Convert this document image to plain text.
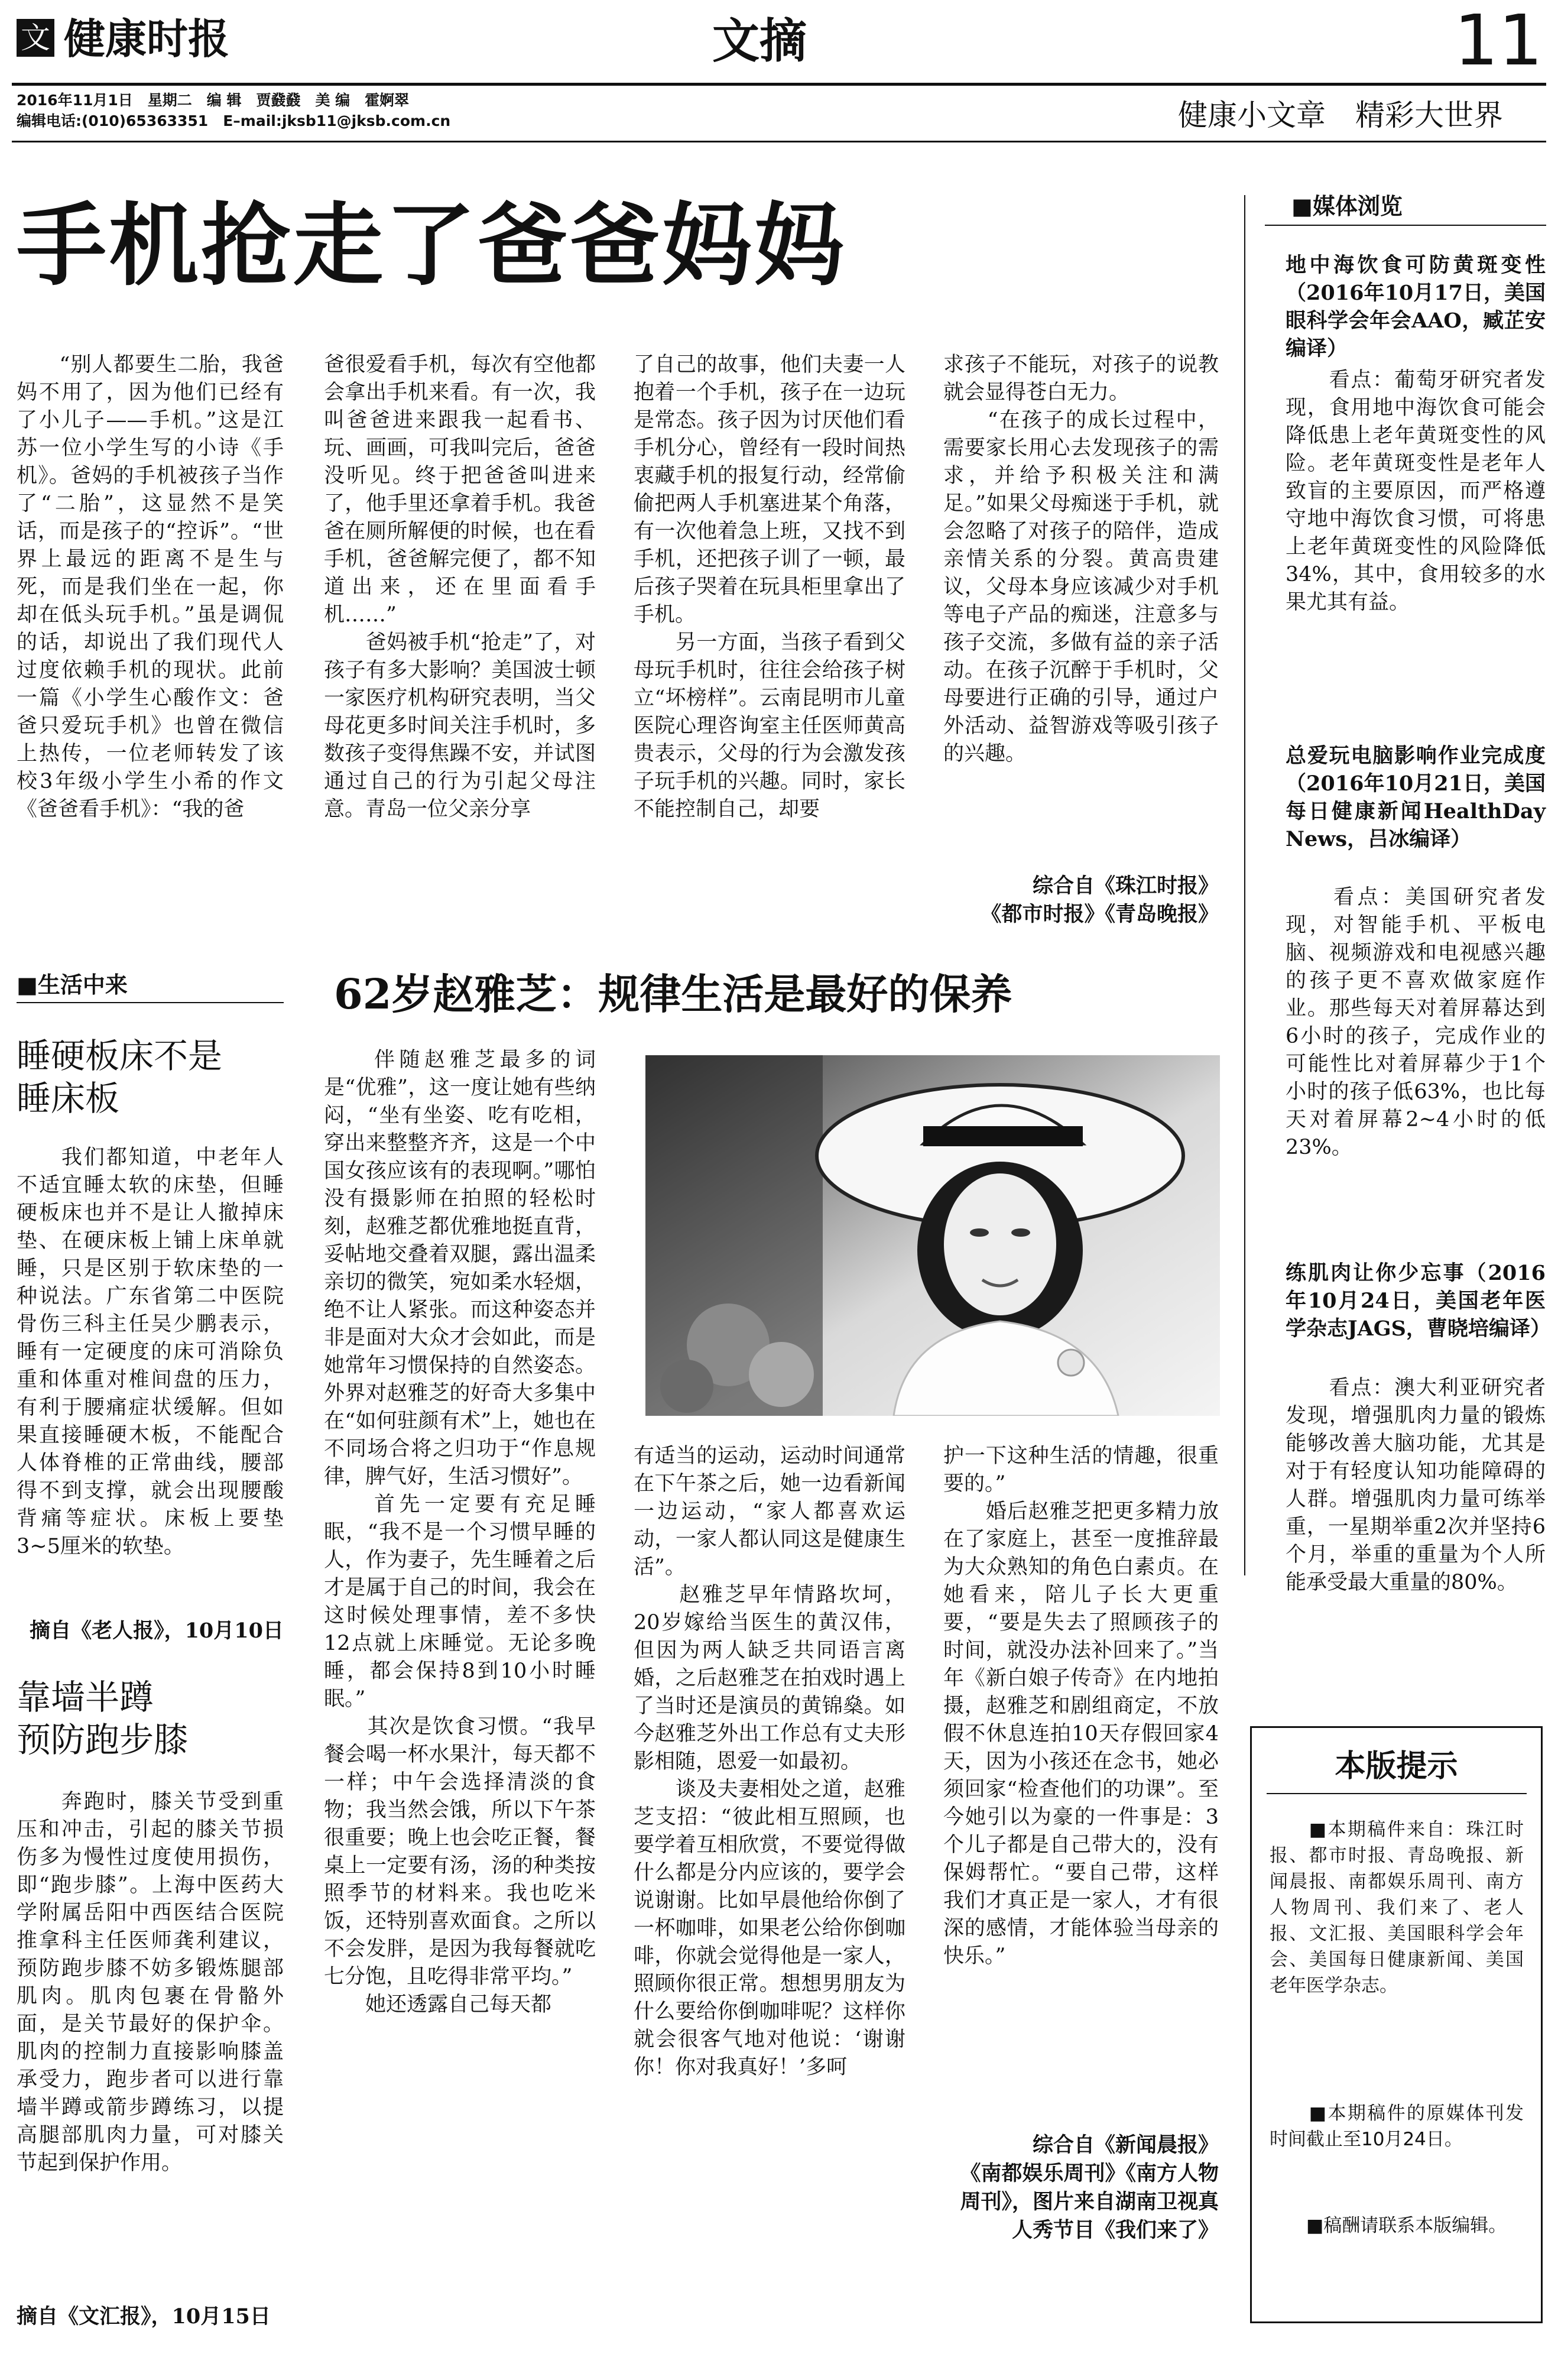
文 健康时报	文摘	11
2016年11月1日　星期二　编 辑　贾鼗鼗　美 编　霍婀翠
编辑电话:(010)65363351　E–mail:jksb11@jksb.com.cn	健康小文章　精彩大世界
手机抢走了爸爸妈妈
　　“别人都要生二胎，我爸妈不用了，因为他们已经有了小儿子——手机。”这是江苏一位小学生写的小诗《手机》。爸妈的手机被孩子当作了“二胎”，这显然不是笑话，而是孩子的“控诉”。“世界上最远的距离不是生与死，而是我们坐在一起，你却在低头玩手机。”虽是调侃的话，却说出了我们现代人过度依赖手机的现状。此前一篇《小学生心酸作文：爸爸只爱玩手机》也曾在微信上热传，一位老师转发了该校3年级小学生小希的作文《爸爸看手机》：“我的爸
爸很爱看手机，每次有空他都会拿出手机来看。有一次，我叫爸爸进来跟我一起看书、玩、画画，可我叫完后，爸爸没听见。终于把爸爸叫进来了，他手里还拿着手机。我爸爸在厕所解便的时候，也在看手机，爸爸解完便了，都不知道出来，还在里面看手机……”
　　爸妈被手机“抢走”了，对孩子有多大影响？美国波士顿一家医疗机构研究表明，当父母花更多时间关注手机时，多数孩子变得焦躁不安，并试图通过自己的行为引起父母注意。青岛一位父亲分享
了自己的故事，他们夫妻一人抱着一个手机，孩子在一边玩是常态。孩子因为讨厌他们看手机分心，曾经有一段时间热衷藏手机的报复行动，经常偷偷把两人手机塞进某个角落，有一次他着急上班，又找不到手机，还把孩子训了一顿，最后孩子哭着在玩具柜里拿出了手机。
　　另一方面，当孩子看到父母玩手机时，往往会给孩子树立“坏榜样”。云南昆明市儿童医院心理咨询室主任医师黄高贵表示，父母的行为会激发孩子玩手机的兴趣。同时，家长不能控制自己，却要
求孩子不能玩，对孩子的说教就会显得苍白无力。
　　“在孩子的成长过程中，需要家长用心去发现孩子的需求，并给予积极关注和满足。”如果父母痴迷于手机，就会忽略了对孩子的陪伴，造成亲情关系的分裂。黄高贵建议，父母本身应该减少对手机等电子产品的痴迷，注意多与孩子交流，多做有益的亲子活动。在孩子沉醉于手机时，父母要进行正确的引导，通过户外活动、益智游戏等吸引孩子的兴趣。
综合自《珠江时报》
《都市时报》《青岛晚报》
■生活中来
睡硬板床不是
睡床板
　　我们都知道，中老年人不适宜睡太软的床垫，但睡硬板床也并不是让人撤掉床垫、在硬床板上铺上床单就睡，只是区别于软床垫的一种说法。广东省第二中医院骨伤三科主任吴少鹏表示，睡有一定硬度的床可消除负重和体重对椎间盘的压力，有利于腰痛症状缓解。但如果直接睡硬木板，不能配合人体脊椎的正常曲线，腰部得不到支撑，就会出现腰酸背痛等症状。床板上要垫3~5厘米的软垫。
摘自《老人报》，10月10日
靠墙半蹲
预防跑步膝
　　奔跑时，膝关节受到重压和冲击，引起的膝关节损伤多为慢性过度使用损伤，即“跑步膝”。上海中医药大学附属岳阳中西医结合医院推拿科主任医师龚利建议，预防跑步膝不妨多锻炼腿部肌肉。肌肉包裹在骨骼外面，是关节最好的保护伞。肌肉的控制力直接影响膝盖承受力，跑步者可以进行靠墙半蹲或箭步蹲练习，以提高腿部肌肉力量，可对膝关节起到保护作用。
摘自《文汇报》，10月15日
62岁赵雅芝：规律生活是最好的保养
　　伴随赵雅芝最多的词是“优雅”，这一度让她有些纳闷，“坐有坐姿、吃有吃相，穿出来整整齐齐，这是一个中国女孩应该有的表现啊。”哪怕没有摄影师在拍照的轻松时刻，赵雅芝都优雅地挺直背，妥帖地交叠着双腿，露出温柔亲切的微笑，宛如柔水轻烟，绝不让人紧张。而这种姿态并非是面对大众才会如此，而是她常年习惯保持的自然姿态。外界对赵雅芝的好奇大多集中在“如何驻颜有术”上，她也在不同场合将之归功于“作息规律，脾气好，生活习惯好”。
　　首先一定要有充足睡眠，“我不是一个习惯早睡的人，作为妻子，先生睡着之后才是属于自己的时间，我会在这时候处理事情，差不多快12点就上床睡觉。无论多晚睡，都会保持8到10小时睡眠。”
　　其次是饮食习惯。“我早餐会喝一杯水果汁，每天都不一样；中午会选择清淡的食物；我当然会饿，所以下午茶很重要；晚上也会吃正餐，餐桌上一定要有汤，汤的种类按照季节的材料来。我也吃米饭，还特别喜欢面食。之所以不会发胖，是因为我每餐就吃七分饱，且吃得非常平均。”
　　她还透露自己每天都
有适当的运动，运动时间通常在下午茶之后，她一边看新闻一边运动，“家人都喜欢运动，一家人都认同这是健康生活”。
　　赵雅芝早年情路坎坷，20岁嫁给当医生的黄汉伟，但因为两人缺乏共同语言离婚，之后赵雅芝在拍戏时遇上了当时还是演员的黄锦燊。如今赵雅芝外出工作总有丈夫形影相随，恩爱一如最初。
　　谈及夫妻相处之道，赵雅芝支招：“彼此相互照顾，也要学着互相欣赏，不要觉得做什么都是分内应该的，要学会说谢谢。比如早晨他给你倒了一杯咖啡，如果老公给你倒咖啡，你就会觉得他是一家人，照顾你很正常。想想男朋友为什么要给你倒咖啡呢？这样你就会很客气地对他说：‘谢谢你！你对我真好！’多呵
护一下这种生活的情趣，很重要的。”
　　婚后赵雅芝把更多精力放在了家庭上，甚至一度推辞最为大众熟知的角色白素贞。在她看来，陪儿子长大更重要，“要是失去了照顾孩子的时间，就没办法补回来了。”当年《新白娘子传奇》在内地拍摄，赵雅芝和剧组商定，不放假不休息连拍10天存假回家4天，因为小孩还在念书，她必须回家“检查他们的功课”。至今她引以为豪的一件事是：3个儿子都是自己带大的，没有保姆帮忙。“要自己带，这样我们才真正是一家人，才有很深的感情，才能体验当母亲的快乐。”
综合自《新闻晨报》
《南都娱乐周刊》《南方人物周刊》，图片来自湖南卫视真人秀节目《我们来了》
■媒体浏览
地中海饮食可防黄斑变性（2016年10月17日，美国眼科学会年会AAO，臧芷安编译）
　　看点：葡萄牙研究者发现，食用地中海饮食可能会降低患上老年黄斑变性的风险。老年黄斑变性是老年人致盲的主要原因，而严格遵守地中海饮食习惯，可将患上老年黄斑变性的风险降低34%，其中，食用较多的水果尤其有益。
总爱玩电脑影响作业完成度（2016年10月21日，美国每日健康新闻HealthDay News，吕冰编译）
　　看点：美国研究者发现，对智能手机、平板电脑、视频游戏和电视感兴趣的孩子更不喜欢做家庭作业。那些每天对着屏幕达到6小时的孩子，完成作业的可能性比对着屏幕少于1个小时的孩子低63%，也比每天对着屏幕2~4小时的低23%。
练肌肉让你少忘事（2016年10月24日，美国老年医学杂志JAGS，曹晓培编译）
　　看点：澳大利亚研究者发现，增强肌肉力量的锻炼能够改善大脑功能，尤其是对于有轻度认知功能障碍的人群。增强肌肉力量可练举重，一星期举重2次并坚持6个月，举重的重量为个人所能承受最大重量的80%。
本版提示
　　■本期稿件来自：珠江时报、都市时报、青岛晚报、新闻晨报、南都娱乐周刊、南方人物周刊、我们来了、老人报、文汇报、美国眼科学会年会、美国每日健康新闻、美国老年医学杂志。
　　■本期稿件的原媒体刊发时间截止至10月24日。
　　■稿酬请联系本版编辑。
